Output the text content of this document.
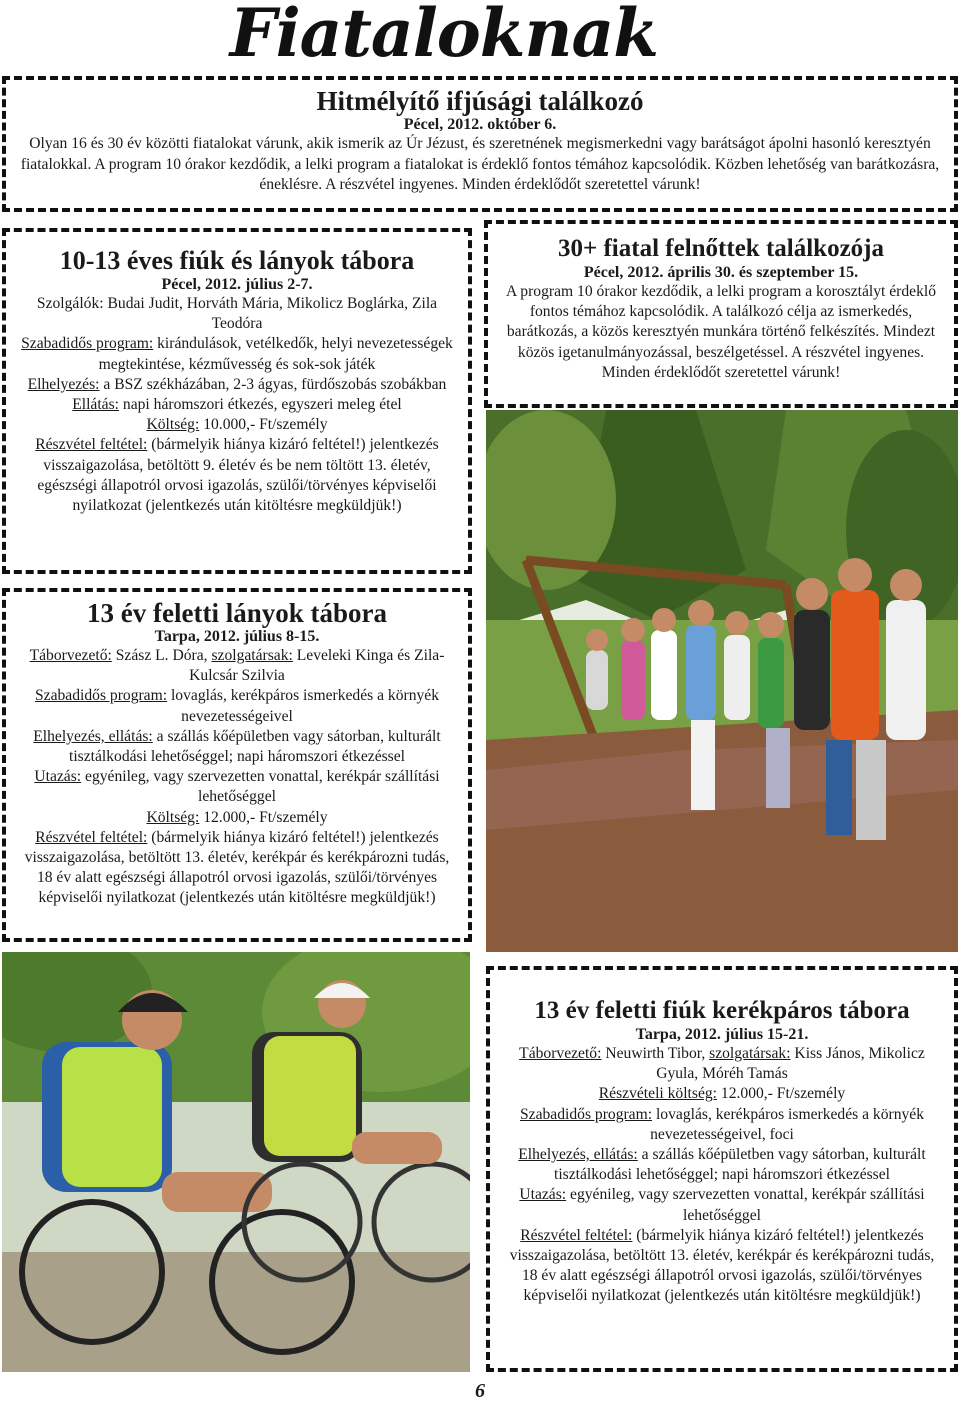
Fiataloknak

Hitmélyítő ifjúsági találkozó

Pécel, 2012. október 6.

Olyan 16 és 30 év közötti fiatalokat várunk, akik ismerik az Úr Jézust, és szeretnének megismerkedni vagy barátságot ápolni hasonló keresztyén fiatalokkal. A program 10 órakor kezdődik, a lelki program a fiatalokat is érdeklő fontos témához kapcsolódik. Közben lehetőség van barátkozásra, éneklésre. A részvétel ingyenes. Minden érdeklődőt szeretettel várunk!

10-13 éves fiúk és lányok tábora

Pécel, 2012. július 2-7.

Szolgálók: Budai Judit, Horváth Mária, Mikolicz Boglárka, Zila Teodóra
Szabadidős program: kirándulások, vetélkedők, helyi nevezetességek megtekintése, kézművesség és sok-sok játék
Elhelyezés: a BSZ székházában, 2-3 ágyas, fürdőszobás szobákban
Ellátás: napi háromszori étkezés, egyszeri meleg étel
Költség: 10.000,- Ft/személy
Részvétel feltétel: (bármelyik hiánya kizáró feltétel!) jelentkezés visszaigazolása, betöltött 9. életév és be nem töltött 13. életév, egészségi állapotról orvosi igazolás, szülői/törvényes képviselői nyilatkozat (jelentkezés után kitöltésre megküldjük!)

30+ fiatal felnőttek találkozója

Pécel, 2012. április 30. és szeptember 15.

A program 10 órakor kezdődik, a lelki program a korosztályt érdeklő fontos témához kapcsolódik. A találkozó célja az ismerkedés, barátkozás, a közös keresztyén munkára történő felkészítés. Mindezt közös igetanulmányozással, beszélgetéssel. A részvétel ingyenes. Minden érdeklődőt szeretettel várunk!

13 év feletti lányok tábora

Tarpa, 2012. július 8-15.

Táborvezető: Szász L. Dóra, szolgatársak: Leveleki Kinga és Zila-Kulcsár Szilvia
Szabadidős program: lovaglás, kerékpáros ismerkedés a környék nevezetességeivel
Elhelyezés, ellátás: a szállás kőépületben vagy sátorban, kulturált tisztálkodási lehetőséggel; napi háromszori étkezéssel
Utazás: egyénileg, vagy szervezetten vonattal, kerékpár szállítási lehetőséggel
Költség: 12.000,- Ft/személy
Részvétel feltétel: (bármelyik hiánya kizáró feltétel!) jelentkezés visszaigazolása, betöltött 13. életév, kerékpár és kerékpározni tudás, 18 év alatt egészségi állapotról orvosi igazolás, szülői/törvényes képviselői nyilatkozat (jelentkezés után kitöltésre megküldjük!)

13 év feletti fiúk kerékpáros tábora

Tarpa, 2012. július 15-21.

Táborvezető: Neuwirth Tibor, szolgatársak: Kiss János, Mikolicz Gyula, Móréh Tamás
Részvételi költség: 12.000,- Ft/személy
Szabadidős program: lovaglás, kerékpáros ismerkedés a környék nevezetességeivel, foci
Elhelyezés, ellátás: a szállás kőépületben vagy sátorban, kulturált tisztálkodási lehetőséggel; napi háromszori étkezéssel
Utazás: egyénileg, vagy szervezetten vonattal, kerékpár szállítási lehetőséggel
Részvétel feltétel: (bármelyik hiánya kizáró feltétel!) jelentkezés visszaigazolása, betöltött 13. életév, kerékpár és kerékpározni tudás, 18 év alatt egészségi állapotról orvosi igazolás, szülői/törvényes képviselői nyilatkozat (jelentkezés után kitöltésre megküldjük!)

6
